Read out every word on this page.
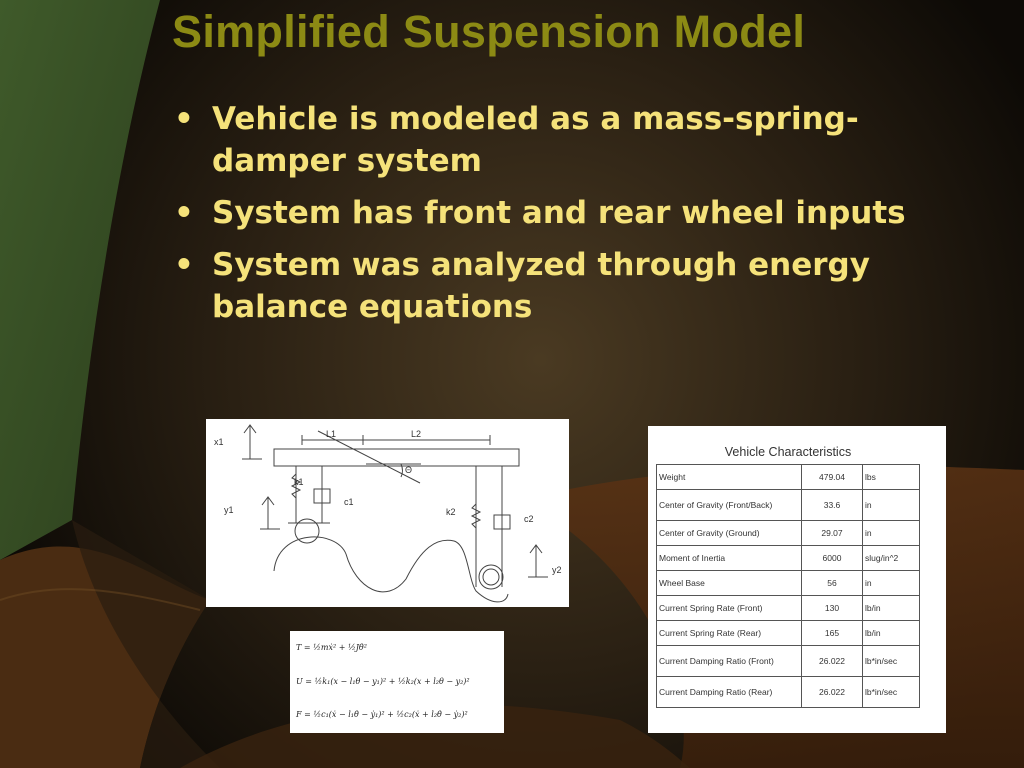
Simplified Suspension Model
• Vehicle is modeled as a mass-spring-damper system
• System has front and rear wheel inputs
• System was analyzed through energy balance equations
x1
L1	L2
Θ
k1
c1
y1	k2
c2
y2
T = ½mẋ² + ½Jθ̇²
U = ½k₁(x − l₁θ − y₁)² + ½k₂(x + l₂θ − y₂)²
F = ½c₁(ẋ − l₁θ̇ − ẏ₁)² + ½c₂(ẋ + l₂θ̇ − ẏ₂)²
Vehicle Characteristics		
Weight	479.04	lbs
Center of Gravity (Front/Back)	33.6	in
Center of Gravity (Ground)	29.07	in
Moment of Inertia	6000	slug/in^2
Wheel Base	56	in
Current Spring Rate (Front)	130	lb/in
Current Spring Rate (Rear)	165	lb/in
Current Damping Ratio (Front)	26.022	lb*in/sec
Current Damping Ratio (Rear)	26.022	lb*in/sec
